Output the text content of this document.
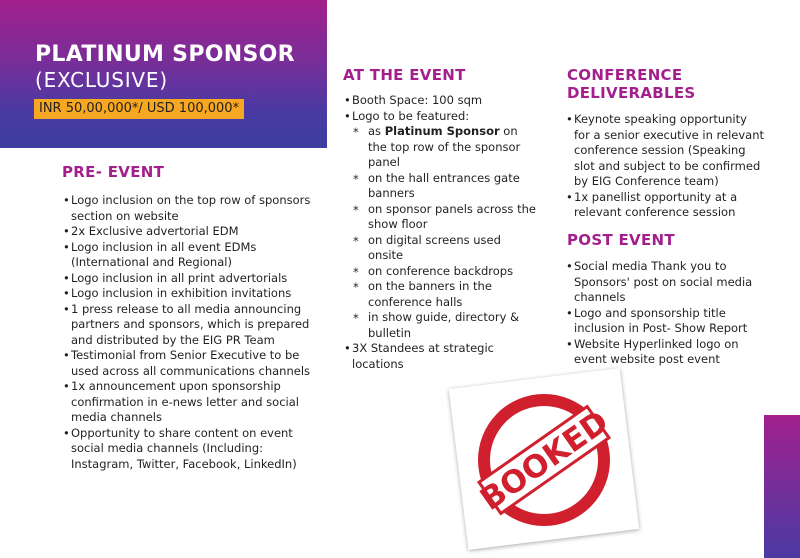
PLATINUM SPONSOR
(EXCLUSIVE)
INR 50,00,000*/ USD 100,000*
PRE- EVENT
• Logo inclusion on the top row of sponsors section on website
• 2x Exclusive advertorial EDM
• Logo inclusion in all event EDMs (International and Regional)
• Logo inclusion in all print advertorials
• Logo inclusion in exhibition invitations
• 1 press release to all media announcing partners and sponsors, which is prepared and distributed by the EIG PR Team
• Testimonial from Senior Executive to be used across all communications channels
• 1x announcement upon sponsorship confirmation in e-news letter and social media channels
• Opportunity to share content on event social media channels (Including: Instagram, Twitter, Facebook, LinkedIn)
AT THE EVENT
• Booth Space: 100 sqm
• Logo to be featured:
* as Platinum Sponsor on the top row of the sponsor panel
* on the hall entrances gate banners
* on sponsor panels across the show floor
* on digital screens used onsite
* on conference backdrops
* on the banners in the conference halls
* in show guide, directory & bulletin
• 3X Standees at strategic locations
CONFERENCE
DELIVERABLES
• Keynote speaking opportunity for a senior executive in relevant conference session (Speaking slot and subject to be confirmed by EIG Conference team)
• 1x panellist opportunity at a relevant conference session
POST EVENT
• Social media Thank you to Sponsors' post on social media channels
• Logo and sponsorship title inclusion in Post- Show Report
• Website Hyperlinked logo on event website post event
BOOKED
